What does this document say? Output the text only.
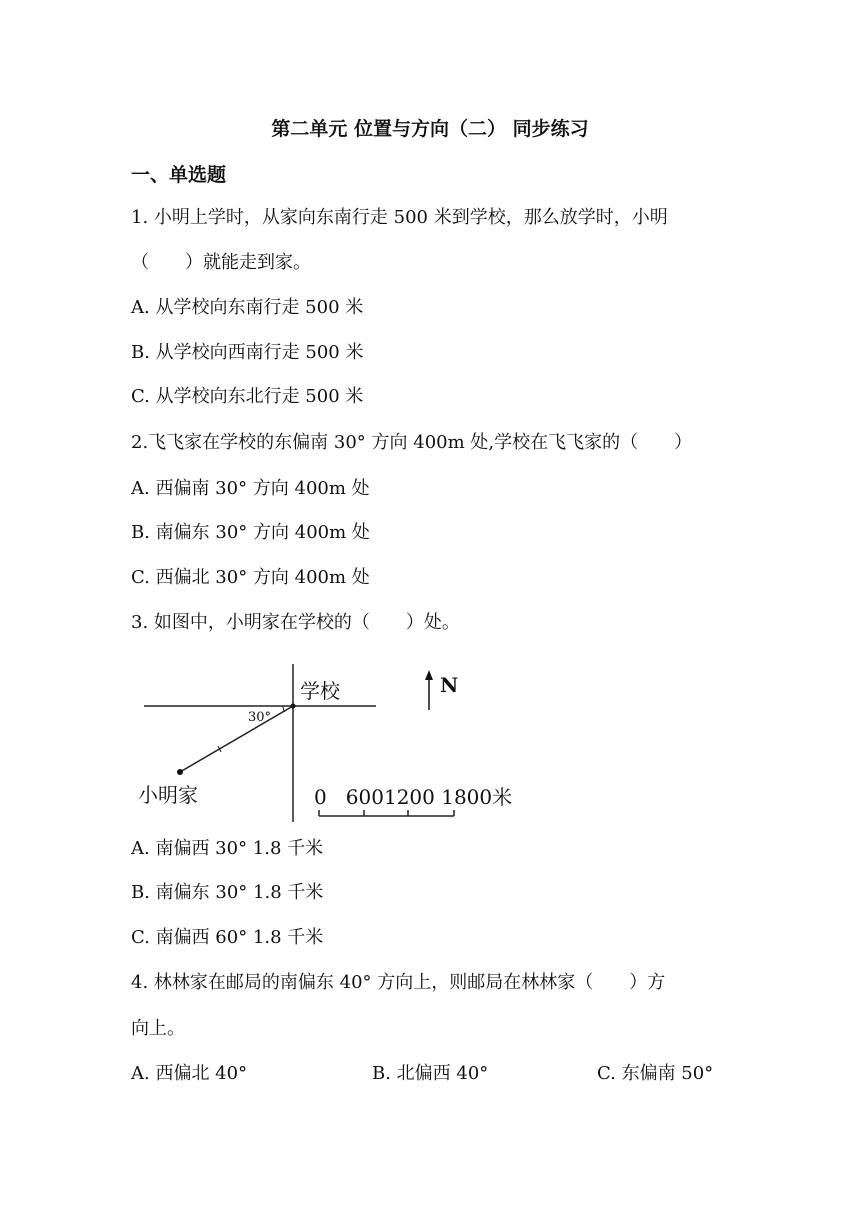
第二单元 位置与方向（二） 同步练习
一、单选题
1. 小明上学时，从家向东南行走 500 米到学校，那么放学时，小明
（　　）就能走到家。
A. 从学校向东南行走 500 米
B. 从学校向西南行走 500 米
C. 从学校向东北行走 500 米
2.飞飞家在学校的东偏南 30° 方向 400m 处,学校在飞飞家的（　　）
A. 西偏南 30° 方向 400m 处
B. 南偏东 30° 方向 400m 处
C. 西偏北 30° 方向 400m 处
3. 如图中，小明家在学校的（　　）处。
30°
学校
小明家
N
0   6001200 1800米
A. 南偏西 30° 1.8 千米
B. 南偏东 30° 1.8 千米
C. 南偏西 60° 1.8 千米
4. 林林家在邮局的南偏东 40° 方向上，则邮局在林林家（　　）方
向上。
A. 西偏北 40°	B. 北偏西 40°	C. 东偏南 50°
